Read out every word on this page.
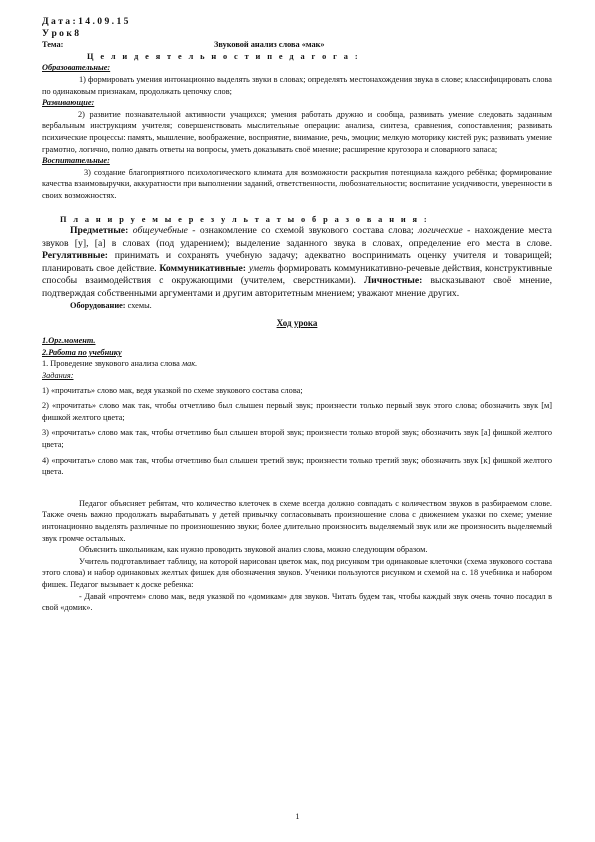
Д а т а : 1 4 . 0 9 . 1 5

У р о к 8

Тема:	Звуковой анализ слова «мак»

Ц е л и д е я т е л ь н о с т и п е д а г о г а :

Образовательные:

1) формировать умения интонационно выделять звуки в словах; определять местонахождения звука в слове; классифицировать слова по одинаковым признакам, продолжать цепочку слов;

Развивающие:

2) развитие познавательной активности учащихся; умения работать дружно и сообща, развивать умение следовать заданным вербальным инструкциям учителя; совершенствовать мыслительные операции: анализа, синтеза, сравнения, сопоставления; развивать психические процессы: память, мышление, воображение, восприятие, внимание, речь, эмоции; мелкую моторику кистей рук; развивать умение грамотно, логично, полно давать ответы на вопросы, уметь доказывать своё мнение; расширение кругозора и словарного запаса;

Воспитательные:

3) создание благоприятного психологического климата для возможности раскрытия потенциала каждого ребёнка; формирование качества взаимовыручки, аккуратности при выполнении заданий, ответственности, любознательности; воспитание усидчивости, уверенности в своих возможностях.

П л а н и р у е м ы е р е з у л ь т а т ы о б р а з о в а н и я :

Предметные: общеучебные - ознакомление со схемой звукового состава слова; логические - нахождение места звуков [у], [а] в словах (под ударением); выделение заданного звука в словах, определение его места в слове. Регулятивные: принимать и сохранять учебную задачу; адекватно воспринимать оценку учителя и товарищей; планировать свое действие. Коммуникативные: уметь формировать коммуникативно-речевые действия, конструктивные способы взаимодействия с окружающими (учителем, сверстниками). Личностные: высказывают своё мнение, подтверждая собственными аргументами и другим авторитетным мнением; уважают мнение других.

Оборудование: схемы.

Ход урока

1.Орг.момент.

2.Работа по учебнику

1. Проведение звукового анализа слова мак.

Задания:

1) «прочитать» слово мак, ведя указкой по схеме звукового состава слова;

2) «прочитать» слово мак так, чтобы отчетливо был слышен первый звук; произнести только первый звук этого слова; обозначить звук [м] фишкой желтого цвета;

3) «прочитать» слово мак так, чтобы отчетливо был слышен второй звук; произнести только второй звук; обозначить звук [а] фишкой желтого цвета;

4) «прочитать» слово мак так, чтобы отчетливо был слышен третий звук; произнести только третий звук; обозначить звук [к] фишкой желтого цвета.

Педагог объясняет ребятам, что количество клеточек в схеме всегда должно совпадать с количеством звуков в разбираемом слове. Также очень важно продолжать вырабатывать у детей привычку согласовывать произношение слова с движением указки по схеме; умение интонационно выделять различные по произношению звуки; более длительно произносить выделяемый звук или же произносить выделяемый звук громче остальных.

Объяснить школьникам, как нужно проводить звуковой анализ слова, можно следующим образом.

Учитель подготавливает таблицу, на которой нарисован цветок мак, под рисунком три одинаковые клеточки (схема звукового состава этого слова) и набор одинаковых желтых фишек для обозначения звуков. Ученики пользуются рисунком и схемой на с. 18 учебника и набором фишек. Педагог вызывает к доске ребенка:

- Давай «прочтем» слово мак, ведя указкой по «домикам» для звуков. Читать будем так, чтобы каждый звук очень точно посадил в свой «домик».

1
